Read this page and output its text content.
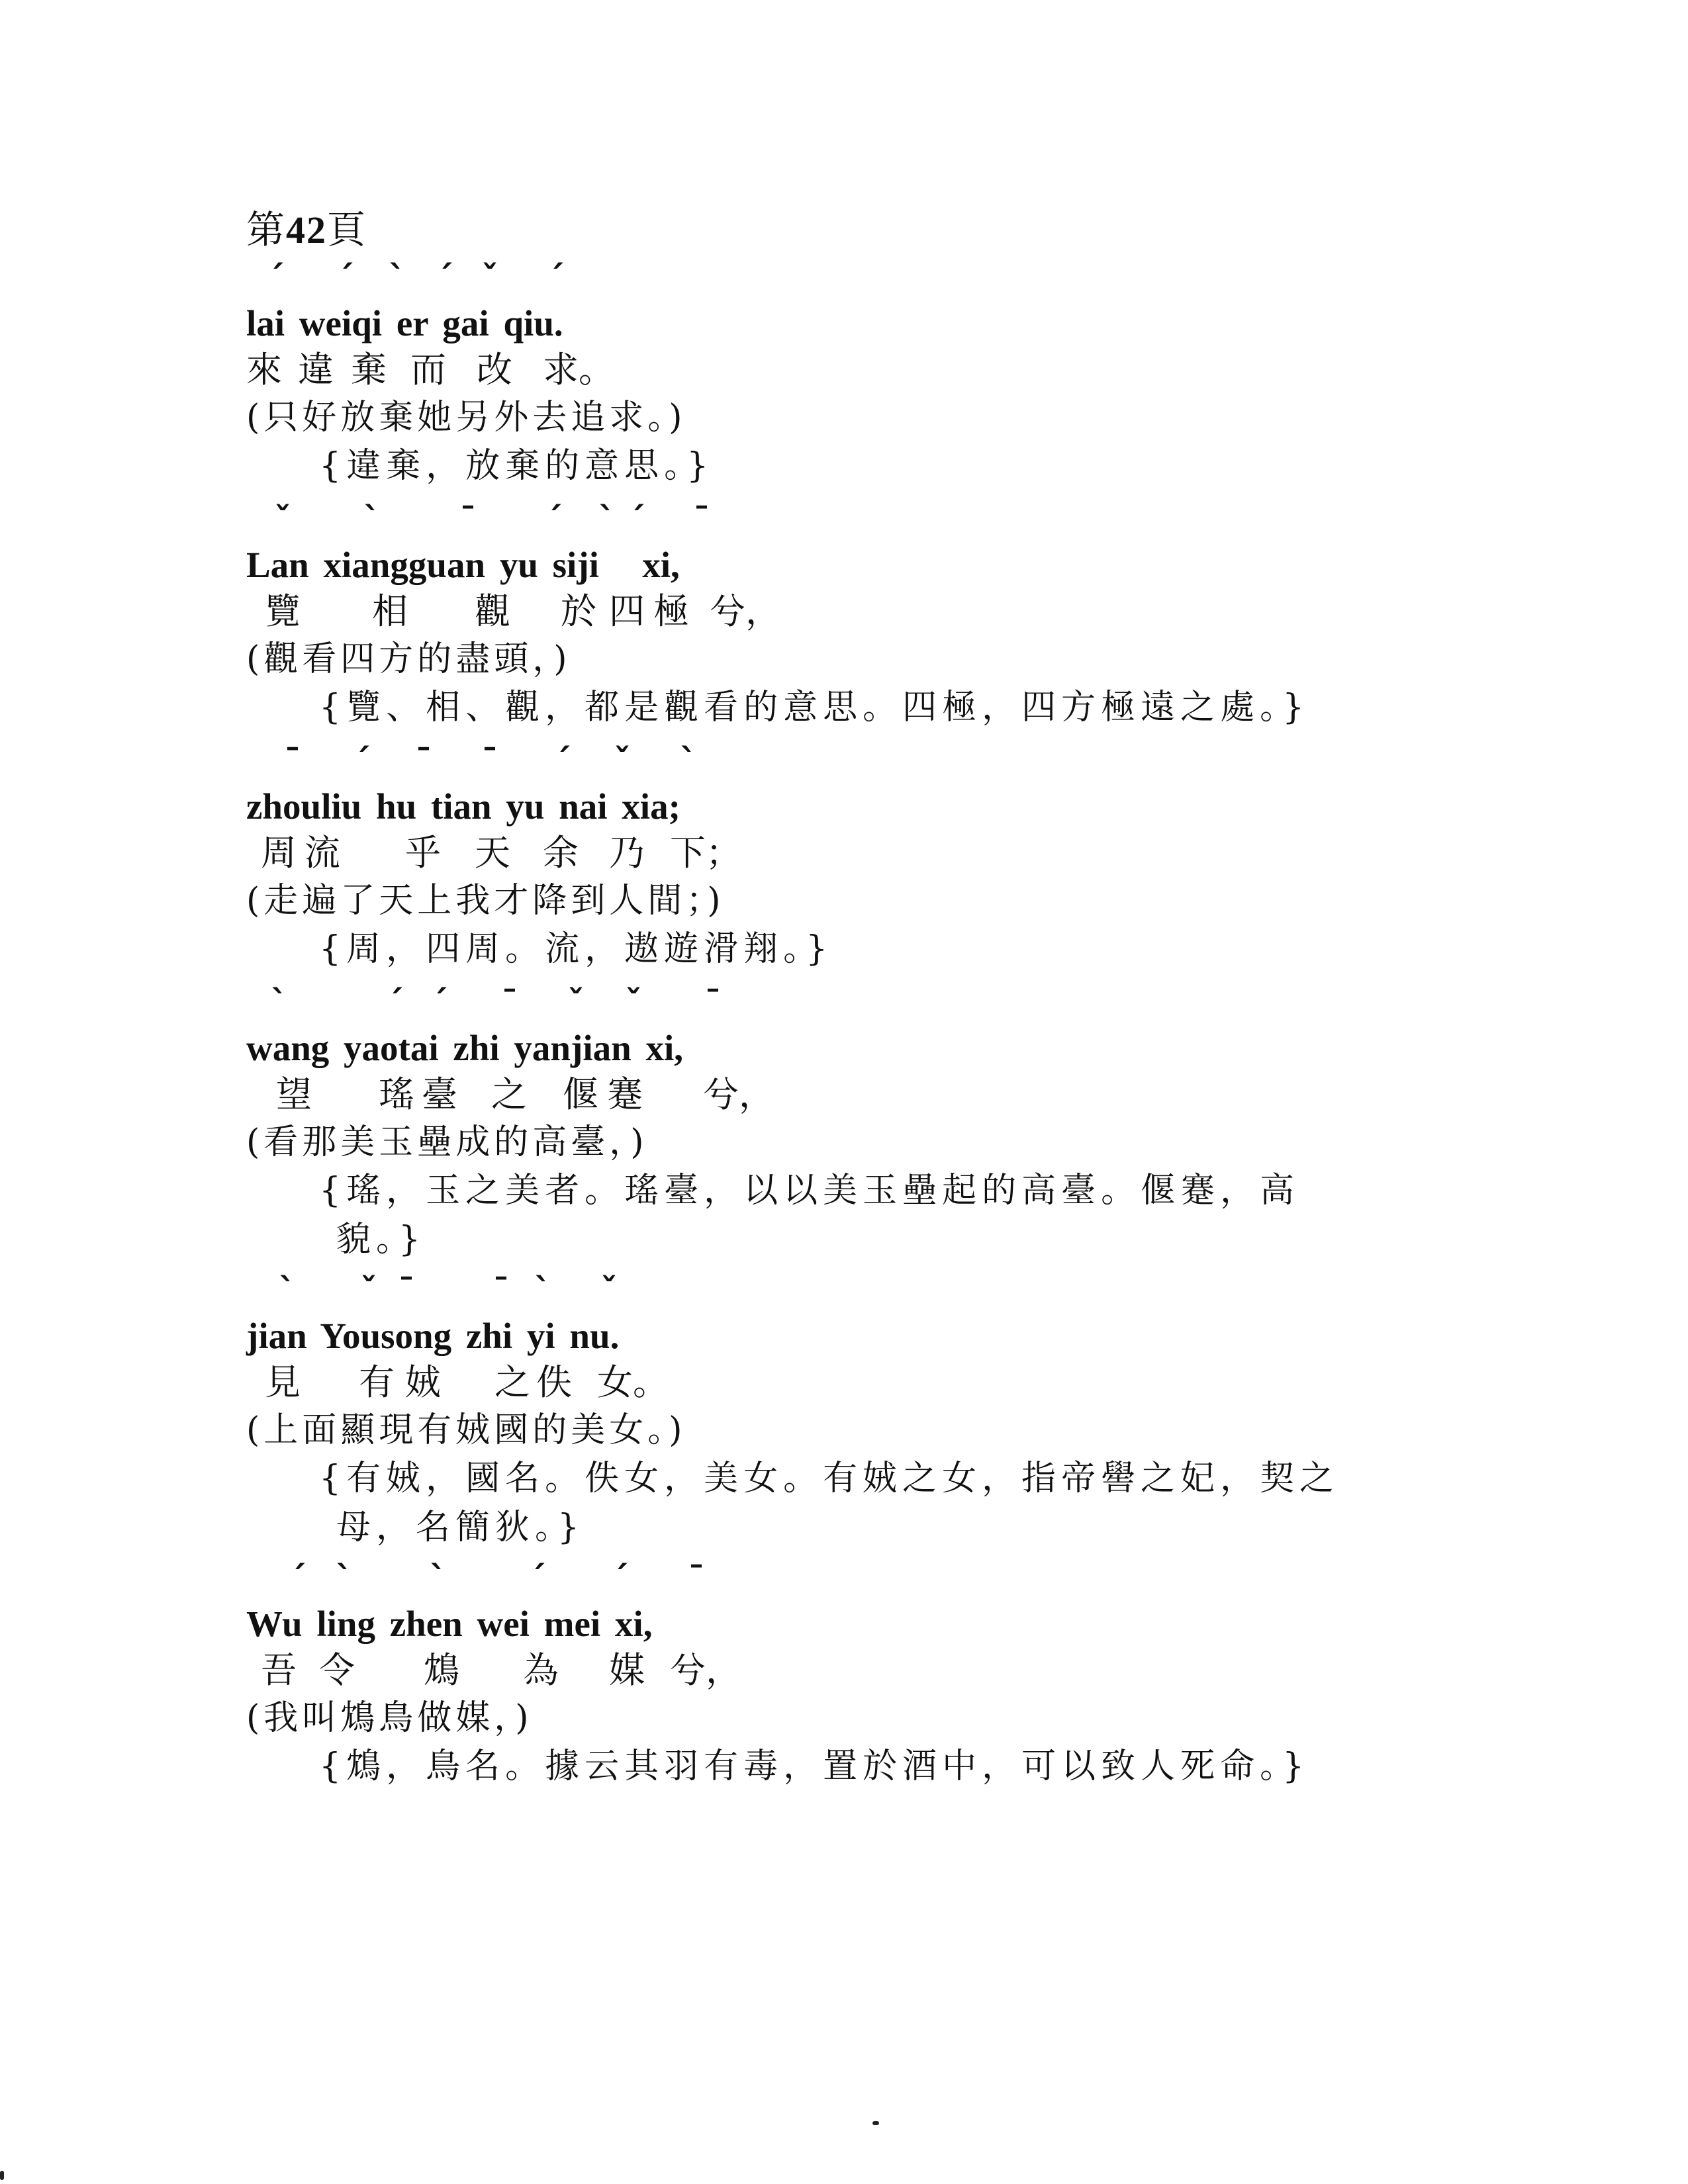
第42頁
ˊ ˊ ˋ ˊ ˇ ˊ
lai weiqi er gai qiu.
來 違 棄 而 改 求。
(只好放棄她另外去追求。)
{違棄，放棄的意思。}
ˇ ˋ ˉ ˊ ˋ ˊ ˉ
Lan xiangguan yu siji   xi,
覽 相 觀 於 四 極 兮，
(觀看四方的盡頭，)
{覽、相、觀，都是觀看的意思。四極，四方極遠之處。}
ˉ ˊ ˉ ˉ ˊ ˇ ˋ
zhouliu hu tian yu nai xia;
周 流 乎 天 余 乃 下；
(走遍了天上我才降到人間；)
{周，四周。流，遨遊滑翔。}
ˋ	ˊ ˊ ˉ ˇ ˇ ˉ
wang yaotai zhi yanjian xi,
望 瑤 臺 之 偃 蹇 兮，
(看那美玉壘成的高臺，)
{瑤，玉之美者。瑤臺，以以美玉壘起的高臺。偃蹇，高
貌。}
ˋ ˇ ˉ ˉ ˋ ˇ
jian Yousong zhi yi nu.
見 有 娀 之 佚 女。
(上面顯現有娀國的美女。)
{有娀，國名。佚女，美女。有娀之女，指帝嚳之妃，契之
母，名簡狄。}
ˊ ˋ ˋ ˊ ˊ ˉ
Wu ling zhen wei mei xi,
吾 令 鴆 為 媒 兮，
(我叫鴆鳥做媒，)
{鴆，鳥名。據云其羽有毒，置於酒中，可以致人死命。}
